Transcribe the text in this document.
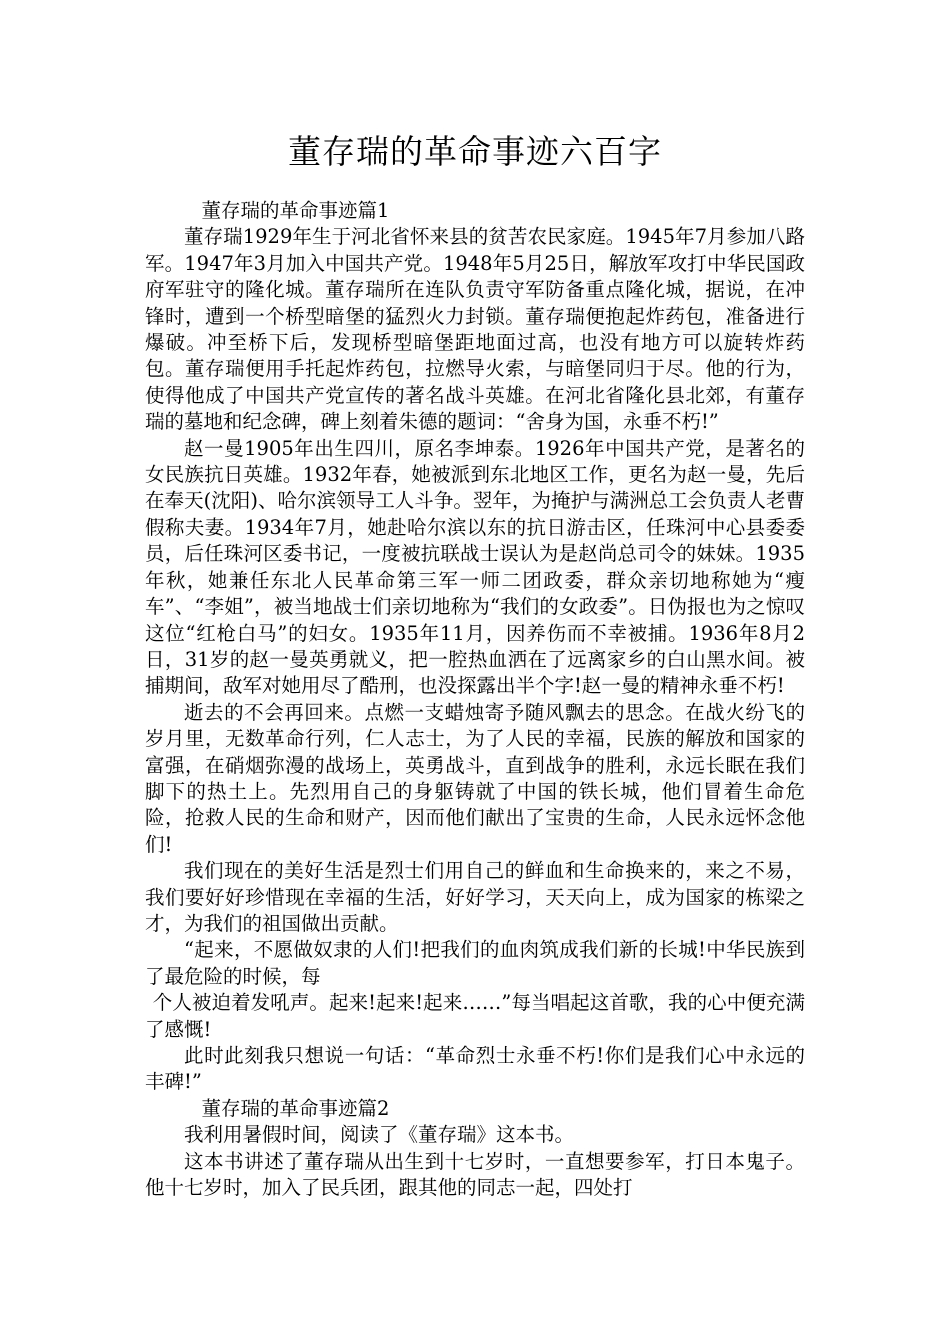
董存瑞的革命事迹六百字

董存瑞的革命事迹篇1

董存瑞1929年生于河北省怀来县的贫苦农民家庭。1945年7月参加八路军。1947年3月加入中国共产党。1948年5月25日，解放军攻打中华民国政府军驻守的隆化城。董存瑞所在连队负责守军防备重点隆化城，据说，在冲锋时，遭到一个桥型暗堡的猛烈火力封锁。董存瑞便抱起炸药包，准备进行爆破。冲至桥下后，发现桥型暗堡距地面过高，也没有地方可以旋转炸药包。董存瑞便用手托起炸药包，拉燃导火索，与暗堡同归于尽。他的行为，使得他成了中国共产党宣传的著名战斗英雄。在河北省隆化县北郊，有董存瑞的墓地和纪念碑，碑上刻着朱德的题词：“舍身为国，永垂不朽!”

赵一曼1905年出生四川，原名李坤泰。1926年中国共产党，是著名的女民族抗日英雄。1932年春，她被派到东北地区工作，更名为赵一曼，先后在奉天(沈阳)、哈尔滨领导工人斗争。翌年，为掩护与满洲总工会负责人老曹假称夫妻。1934年7月，她赴哈尔滨以东的抗日游击区，任珠河中心县委委员，后任珠河区委书记，一度被抗联战士误认为是赵尚总司令的妹妹。1935年秋，她兼任东北人民革命第三军一师二团政委，群众亲切地称她为“瘦车”、“李姐”，被当地战士们亲切地称为“我们的女政委”。日伪报也为之惊叹这位“红枪白马”的妇女。1935年11月，因养伤而不幸被捕。1936年8月2日，31岁的赵一曼英勇就义，把一腔热血洒在了远离家乡的白山黑水间。被捕期间，敌军对她用尽了酷刑，也没探露出半个字!赵一曼的精神永垂不朽!

逝去的不会再回来。点燃一支蜡烛寄予随风飘去的思念。在战火纷飞的岁月里，无数革命行列，仁人志士，为了人民的幸福，民族的解放和国家的富强，在硝烟弥漫的战场上，英勇战斗，直到战争的胜利，永远长眠在我们脚下的热土上。先烈用自己的身躯铸就了中国的铁长城，他们冒着生命危险，抢救人民的生命和财产，因而他们献出了宝贵的生命，人民永远怀念他们!

我们现在的美好生活是烈士们用自己的鲜血和生命换来的，来之不易，我们要好好珍惜现在幸福的生活，好好学习，天天向上，成为国家的栋梁之才，为我们的祖国做出贡献。

“起来，不愿做奴隶的人们!把我们的血肉筑成我们新的长城!中华民族到了最危险的时候，每

个人被迫着发吼声。起来!起来!起来……”每当唱起这首歌，我的心中便充满了感慨!

此时此刻我只想说一句话：“革命烈士永垂不朽!你们是我们心中永远的丰碑!”

董存瑞的革命事迹篇2

我利用暑假时间，阅读了《董存瑞》这本书。

这本书讲述了董存瑞从出生到十七岁时，一直想要参军，打日本鬼子。他十七岁时，加入了民兵团，跟其他的同志一起，四处打
